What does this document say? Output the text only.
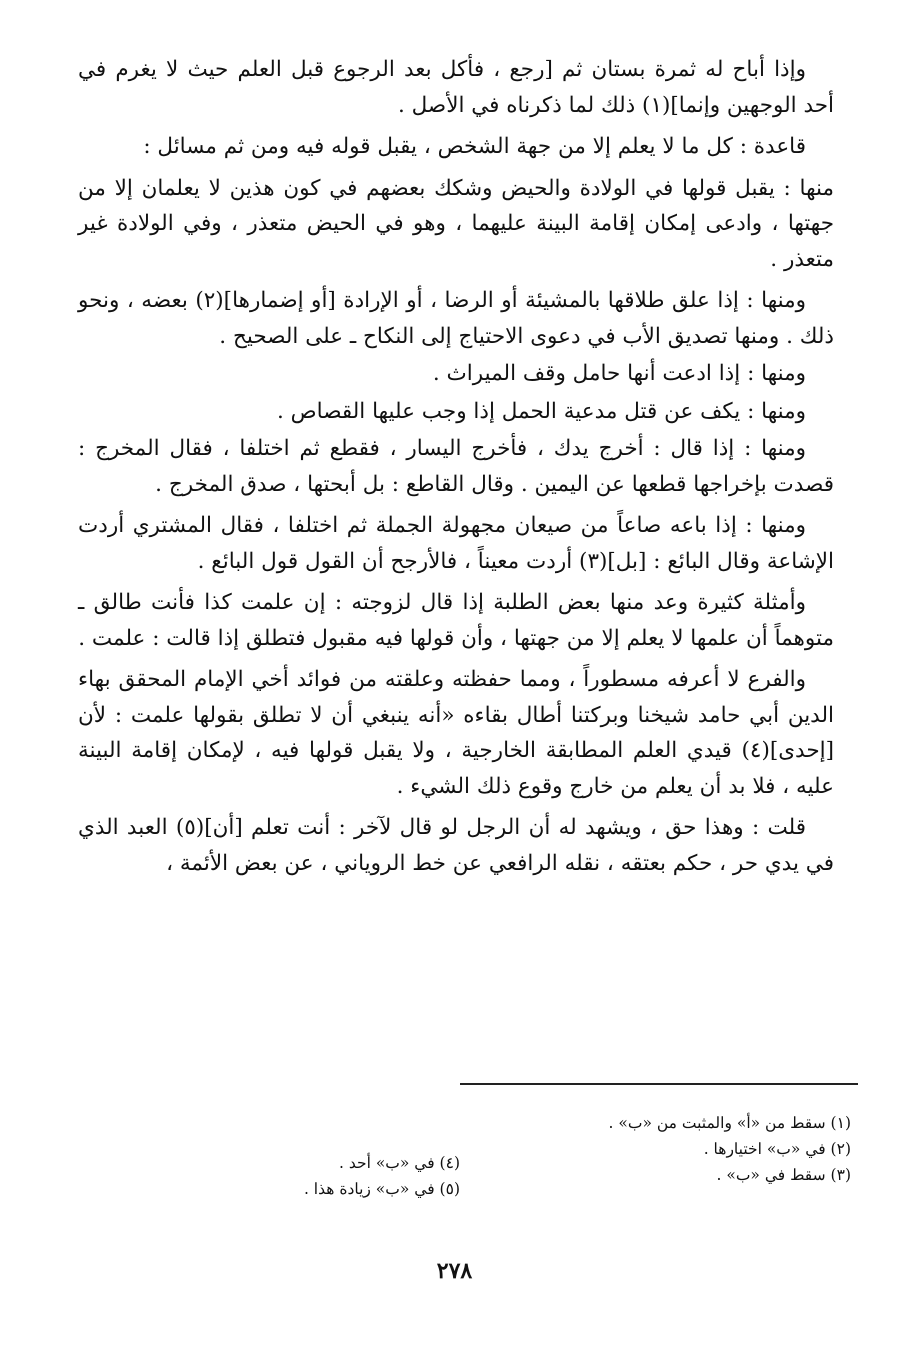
وإذا أباح له ثمرة بستان ثم [رجع ، فأكل بعد الرجوع قبل العلم حيث لا يغرم في أحد الوجهين وإنما](١) ذلك لما ذكرناه في الأصل .

قاعدة : كل ما لا يعلم إلا من جهة الشخص ، يقبل قوله فيه ومن ثم مسائل :

منها : يقبل قولها في الولادة والحيض وشكك بعضهم في كون هذين لا يعلمان إلا من جهتها ، وادعى إمكان إقامة البينة عليهما ، وهو في الحيض متعذر ، وفي الولادة غير متعذر .

ومنها : إذا علق طلاقها بالمشيئة أو الرضا ، أو الإرادة [أو إضمارها](٢) بعضه ، ونحو ذلك . ومنها تصديق الأب في دعوى الاحتياج إلى النكاح ـ على الصحيح .

ومنها : إذا ادعت أنها حامل وقف الميراث .

ومنها : يكف عن قتل مدعية الحمل إذا وجب عليها القصاص .

ومنها : إذا قال : أخرج يدك ، فأخرج اليسار ، فقطع ثم اختلفا ، فقال المخرج : قصدت بإخراجها قطعها عن اليمين . وقال القاطع : بل أبحتها ، صدق المخرج .

ومنها : إذا باعه صاعاً من صيعان مجهولة الجملة ثم اختلفا ، فقال المشتري أردت الإشاعة وقال البائع : [بل](٣) أردت معيناً ، فالأرجح أن القول قول البائع .

وأمثلة كثيرة وعد منها بعض الطلبة إذا قال لزوجته : إن علمت كذا فأنت طالق ـ متوهماً أن علمها لا يعلم إلا من جهتها ، وأن قولها فيه مقبول فتطلق إذا قالت : علمت .

والفرع لا أعرفه مسطوراً ، ومما حفظته وعلقته من فوائد أخي الإمام المحقق بهاء الدين أبي حامد شيخنا وبركتنا أطال بقاءه «أنه ينبغي أن لا تطلق بقولها علمت : لأن [إحدى](٤) قيدي العلم المطابقة الخارجية ، ولا يقبل قولها فيه ، لإمكان إقامة البينة عليه ، فلا بد أن يعلم من خارج وقوع ذلك الشيء .

قلت : وهذا حق ، ويشهد له أن الرجل لو قال لآخر : أنت تعلم [أن](٥) العبد الذي في يدي حر ، حكم بعتقه ، نقله الرافعي عن خط الروياني ، عن بعض الأئمة ،

(١) سقط من «أ» والمثبت من «ب» .

(٢) في «ب» اختيارها .

(٣) سقط في «ب» .

(٤) في «ب» أحد .

(٥) في «ب» زيادة هذا .

٢٧٨
